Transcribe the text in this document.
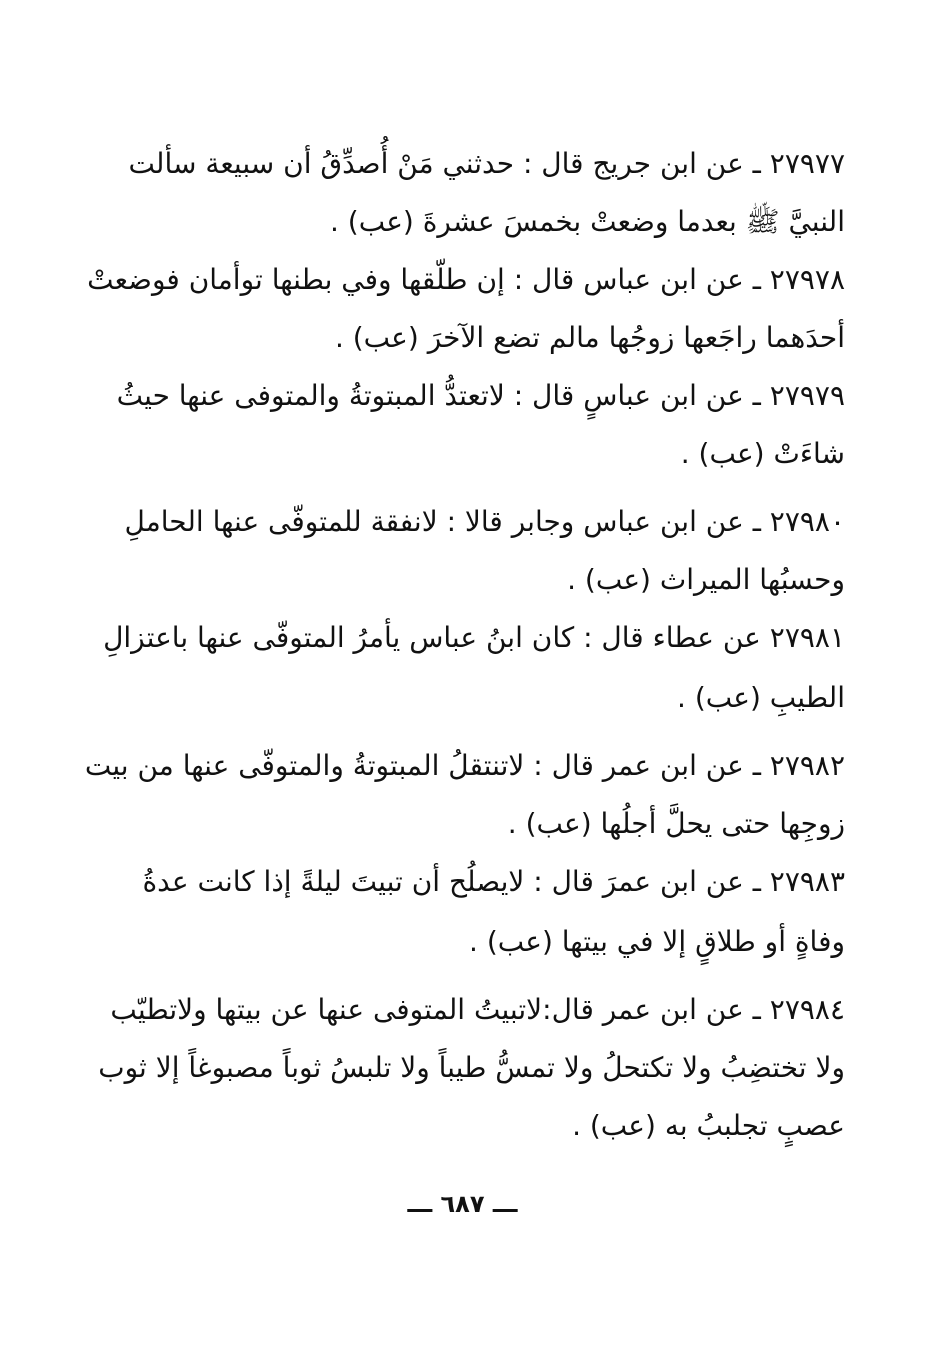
٢٧٩٧٧ ـ عن ابن جريج قال : حدثني مَنْ أُصدِّقُ أن سبيعة سألت
النبيَّ ﷺ بعدما وضعتْ بخمسَ عشرةَ (عب) .
٢٧٩٧٨ ـ عن ابن عباس قال : إن طلّقها وفي بطنها توأمان فوضعتْ
أحدَهما راجَعها زوجُها مالم تضع الآخرَ (عب) .
٢٧٩٧٩ ـ عن ابن عباسٍ قال : لاتعتدُّ المبتوتةُ والمتوفى عنها حيثُ
شاءَتْ (عب) .
٢٧٩٨٠ ـ عن ابن عباس وجابر قالا : لانفقة للمتوفّى عنها الحاملِ
وحسبُها الميراث (عب) .
٢٧٩٨١ عن عطاء قال : كان ابنُ عباس يأمرُ المتوفّى عنها باعتزالِ
الطيبِ (عب) .
٢٧٩٨٢ ـ عن ابن عمر قال : لاتنتقلُ المبتوتةُ والمتوفّى عنها من بيت
زوجِها حتى يحلَّ أجلُها (عب) .
٢٧٩٨٣ ـ عن ابن عمرَ قال : لايصلُح أن تبيتَ ليلةً إذا كانت عدةُ
وفاةٍ أو طلاقٍ إلا في بيتها (عب) .
٢٧٩٨٤ ـ عن ابن عمر قال:لاتبيتُ المتوفى عنها عن بيتها ولاتطيّب
ولا تختضِبُ ولا تكتحلُ ولا تمسُّ طيباً ولا تلبسُ ثوباً مصبوغاً إلا ثوب
عصبٍ تجلببُ به (عب) .
ـــ ٦٨٧ ـــ
